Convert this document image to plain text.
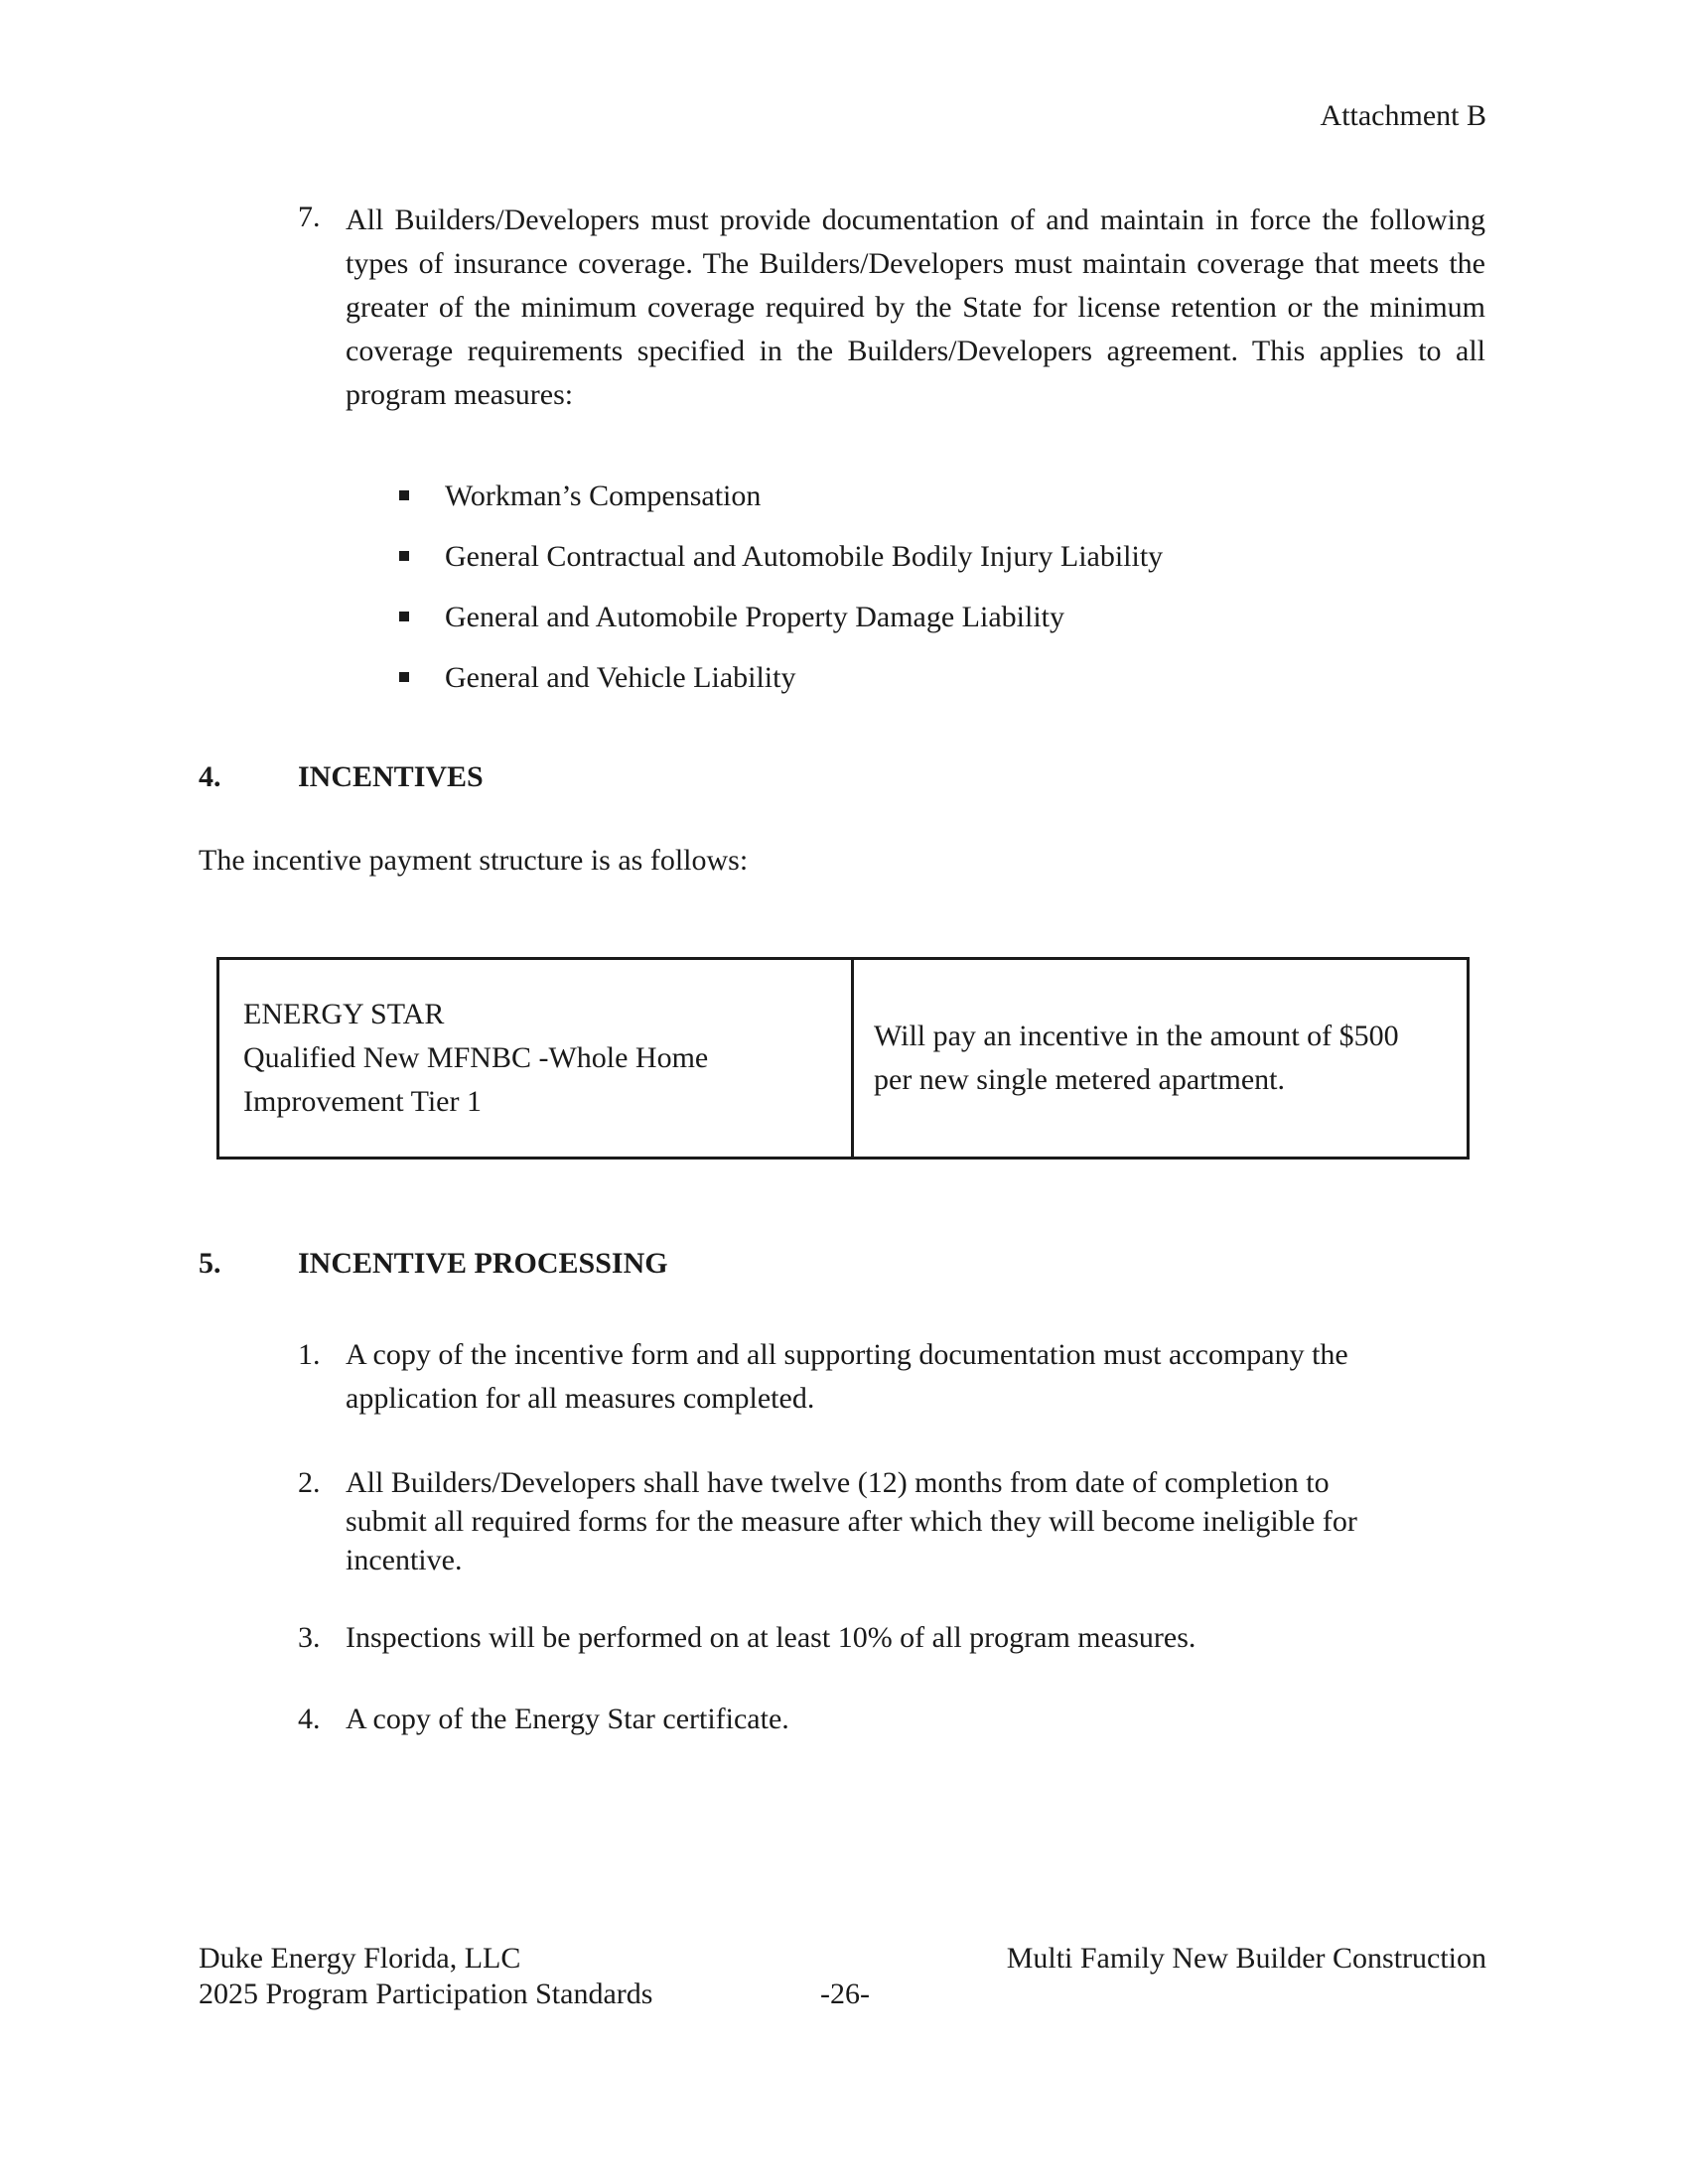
Attachment B
7. All Builders/Developers must provide documentation of and maintain in force the following types of insurance coverage. The Builders/Developers must maintain coverage that meets the greater of the minimum coverage required by the State for license retention or the minimum coverage requirements specified in the Builders/Developers agreement. This applies to all program measures:
Workman’s Compensation
General Contractual and Automobile Bodily Injury Liability
General and Automobile Property Damage Liability
General and Vehicle Liability
4.	INCENTIVES
The incentive payment structure is as follows:
ENERGY STAR
Qualified New MFNBC -Whole Home
Improvement Tier 1

Will pay an incentive in the amount of $500
per new single metered apartment.
5.	INCENTIVE PROCESSING
1. A copy of the incentive form and all supporting documentation must accompany the
application for all measures completed.
2. All Builders/Developers shall have twelve (12) months from date of completion to
submit all required forms for the measure after which they will become ineligible for
incentive.
3. Inspections will be performed on at least 10% of all program measures.
4. A copy of the Energy Star certificate.
Duke Energy Florida, LLC
2025 Program Participation Standards	-26-
Multi Family New Builder Construction
